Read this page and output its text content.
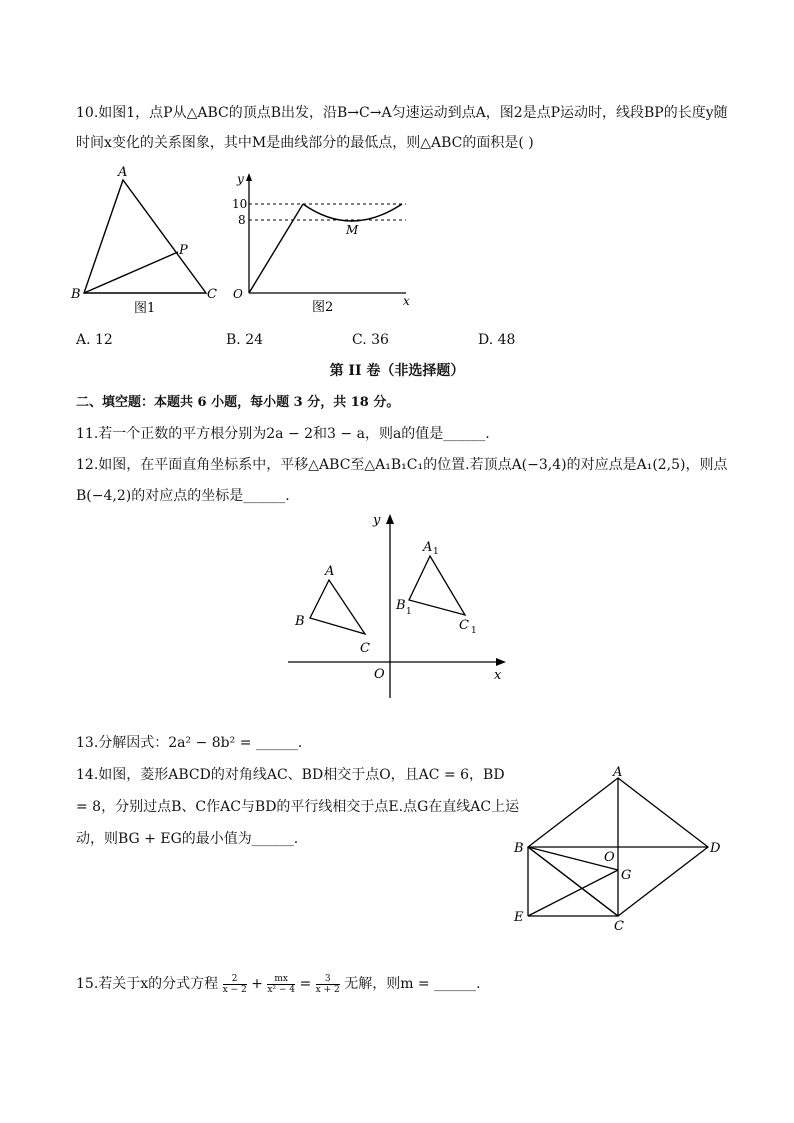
10.如图1，点P从△ABC的顶点B出发，沿B→C→A匀速运动到点A，图2是点P运动时，线段BP的长度y随
时间x变化的关系图象，其中M是曲线部分的最低点，则△ABC的面积是( )
A
B	C
P
图1
y
10
8
M
O	x
图2
A. 12	B. 24	C. 36	D. 48
第 II 卷（非选择题）
二、填空题：本题共 6 小题，每小题 3 分，共 18 分。
11.若一个正数的平方根分别为2a − 2和3 − a，则a的值是______.
12.如图，在平面直角坐标系中，平移△ABC至△A₁B₁C₁的位置.若顶点A(−3,4)的对应点是A₁(2,5)，则点
B(−4,2)的对应点的坐标是______.
y
x
O
A
B
C
A 1
B 1
C 1
13.分解因式：2a² − 8b² = ______.
14.如图，菱形ABCD的对角线AC、BD相交于点O，且AC = 6，BD
= 8，分别过点B、C作AC与BD的平行线相交于点E.点G在直线AC上运
动，则BG + EG的最小值为______.
A
B	D
O
G
E
C
15.若关于x的分式方程 $\frac{2}{x - 2} + \frac{mx}{\text{x² − 4}} = \frac{3}{x + 2}$ 无解，则m = ______.
